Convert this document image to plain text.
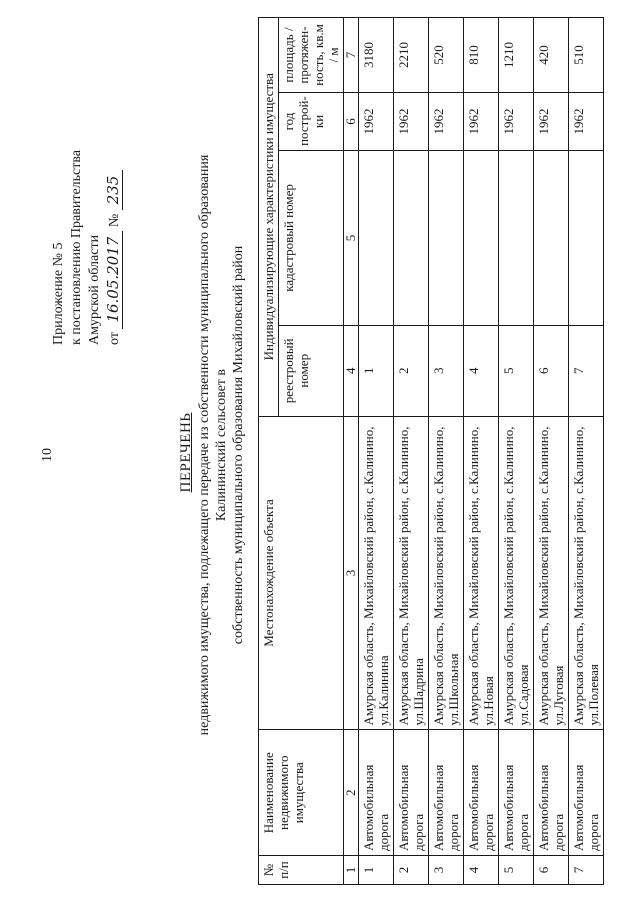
10
Приложение № 5 к постановлению Правительства Амурской области от 16.05.2017 № 235
ПЕРЕЧЕНЬ недвижимого имущества, подлежащего передаче из собственности муниципального образования Калининский сельсовет в собственность муниципального образования Михайловский район
№ п/п	Наименование недвижимого имущества	Местонахождение объекта	Индивидуализирующие характеристики имущества			
			реестровый номер	кадастровый номер	год построй-ки	площадь / протяжен-ность, кв.м / м
1	2	3	4	5	6	7
1	Автомобильная дорога	Амурская область, Михайловский район, с.Калинино, ул.Калинина	1		1962	3180
2	Автомобильная дорога	Амурская область, Михайловский район, с.Калинино, ул.Шадрина	2		1962	2210
3	Автомобильная дорога	Амурская область, Михайловский район, с.Калинино, ул.Школьная	3		1962	520
4	Автомобильная дорога	Амурская область, Михайловский район, с.Калинино, ул.Новая	4		1962	810
5	Автомобильная дорога	Амурская область, Михайловский район, с.Калинино, ул.Садовая	5		1962	1210
6	Автомобильная дорога	Амурская область, Михайловский район, с.Калинино, ул.Луговая	6		1962	420
7	Автомобильная дорога	Амурская область, Михайловский район, с.Калинино, ул.Полевая	7		1962	510
